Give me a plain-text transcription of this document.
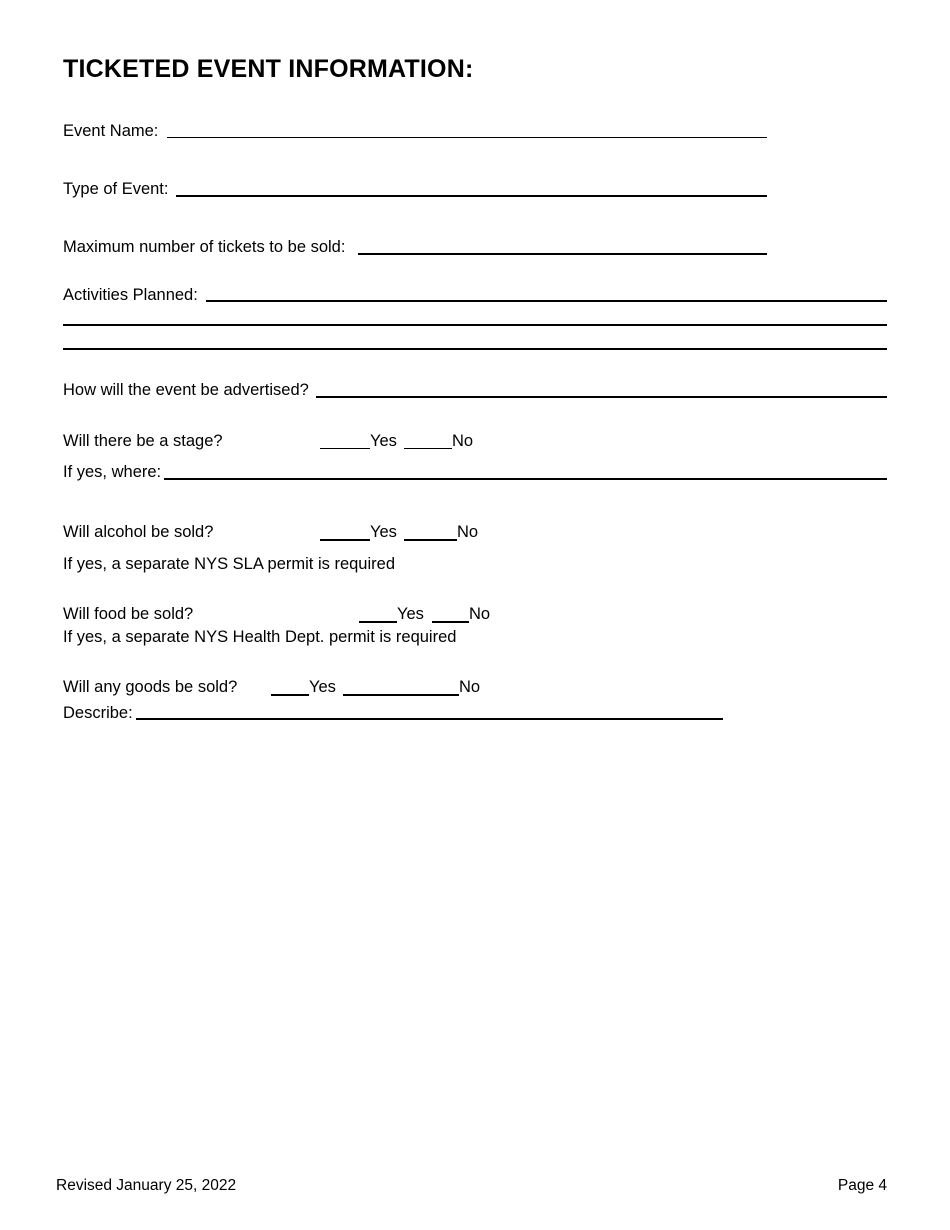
TICKETED EVENT INFORMATION:
Event Name:
Type of Event:
Maximum number of tickets to be sold:
Activities Planned:
How will the event be advertised?
Will there be a stage?	Yes	No
If yes, where:
Will alcohol be sold?	Yes	No
If yes, a separate NYS SLA permit is required
Will food be sold?	Yes	No
If yes, a separate NYS Health Dept. permit is required
Will any goods be sold?	Yes	No
Describe:
Revised January 25, 2022	Page 4
